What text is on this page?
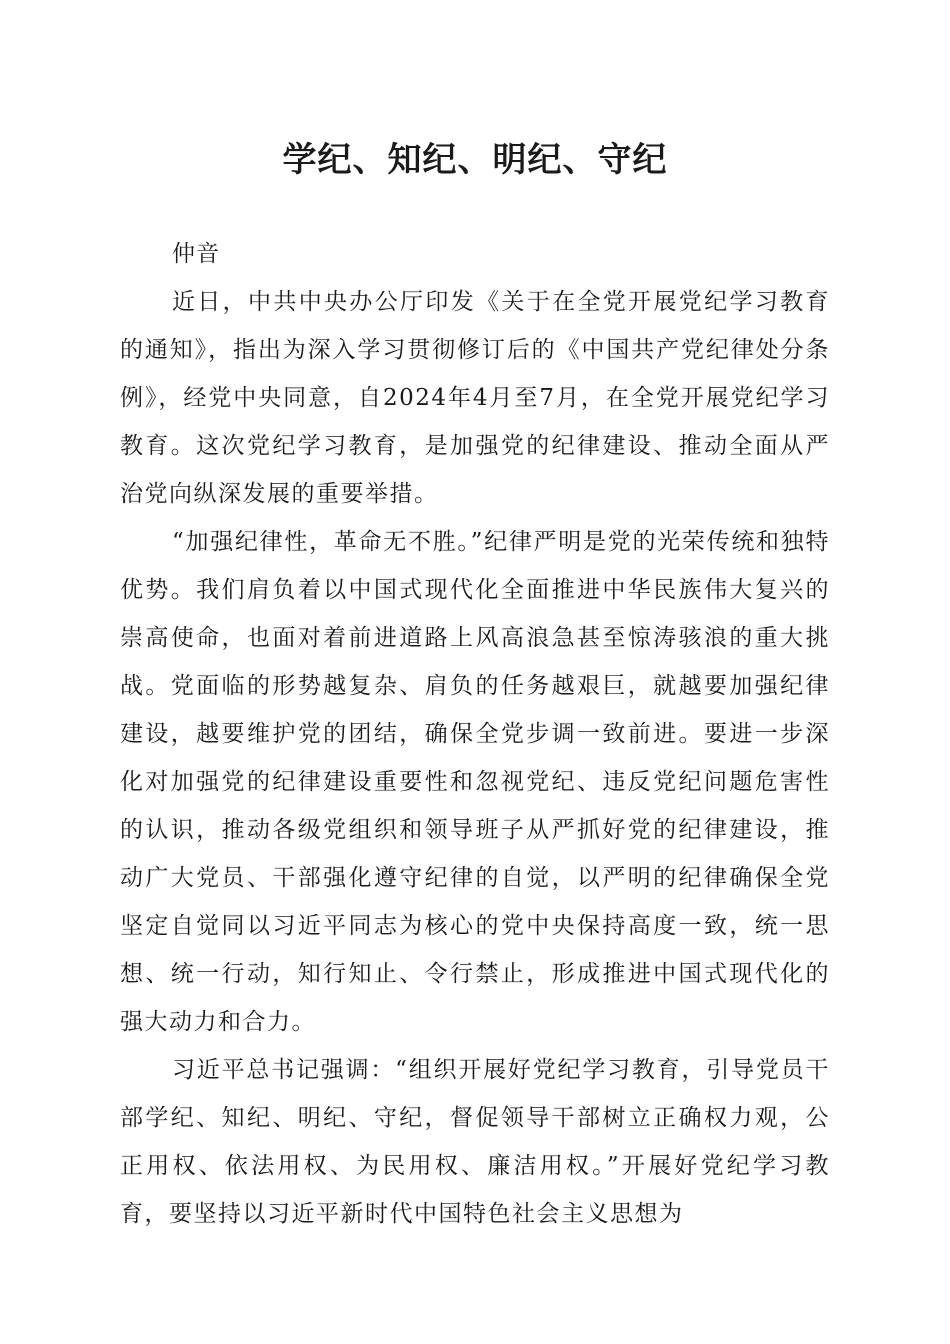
学纪、知纪、明纪、守纪

仲音

近日，中共中央办公厅印发《关于在全党开展党纪学习教育的通知》，指出为深入学习贯彻修订后的《中国共产党纪律处分条例》，经党中央同意，自2024年4月至7月，在全党开展党纪学习教育。这次党纪学习教育，是加强党的纪律建设、推动全面从严治党向纵深发展的重要举措。

“加强纪律性，革命无不胜。”纪律严明是党的光荣传统和独特优势。我们肩负着以中国式现代化全面推进中华民族伟大复兴的崇高使命，也面对着前进道路上风高浪急甚至惊涛骇浪的重大挑战。党面临的形势越复杂、肩负的任务越艰巨，就越要加强纪律建设，越要维护党的团结，确保全党步调一致前进。要进一步深化对加强党的纪律建设重要性和忽视党纪、违反党纪问题危害性的认识，推动各级党组织和领导班子从严抓好党的纪律建设，推动广大党员、干部强化遵守纪律的自觉，以严明的纪律确保全党坚定自觉同以习近平同志为核心的党中央保持高度一致，统一思想、统一行动，知行知止、令行禁止，形成推进中国式现代化的强大动力和合力。

习近平总书记强调：“组织开展好党纪学习教育，引导党员干部学纪、知纪、明纪、守纪，督促领导干部树立正确权力观，公正用权、依法用权、为民用权、廉洁用权。”开展好党纪学习教育，要坚持以习近平新时代中国特色社会主义思想为
